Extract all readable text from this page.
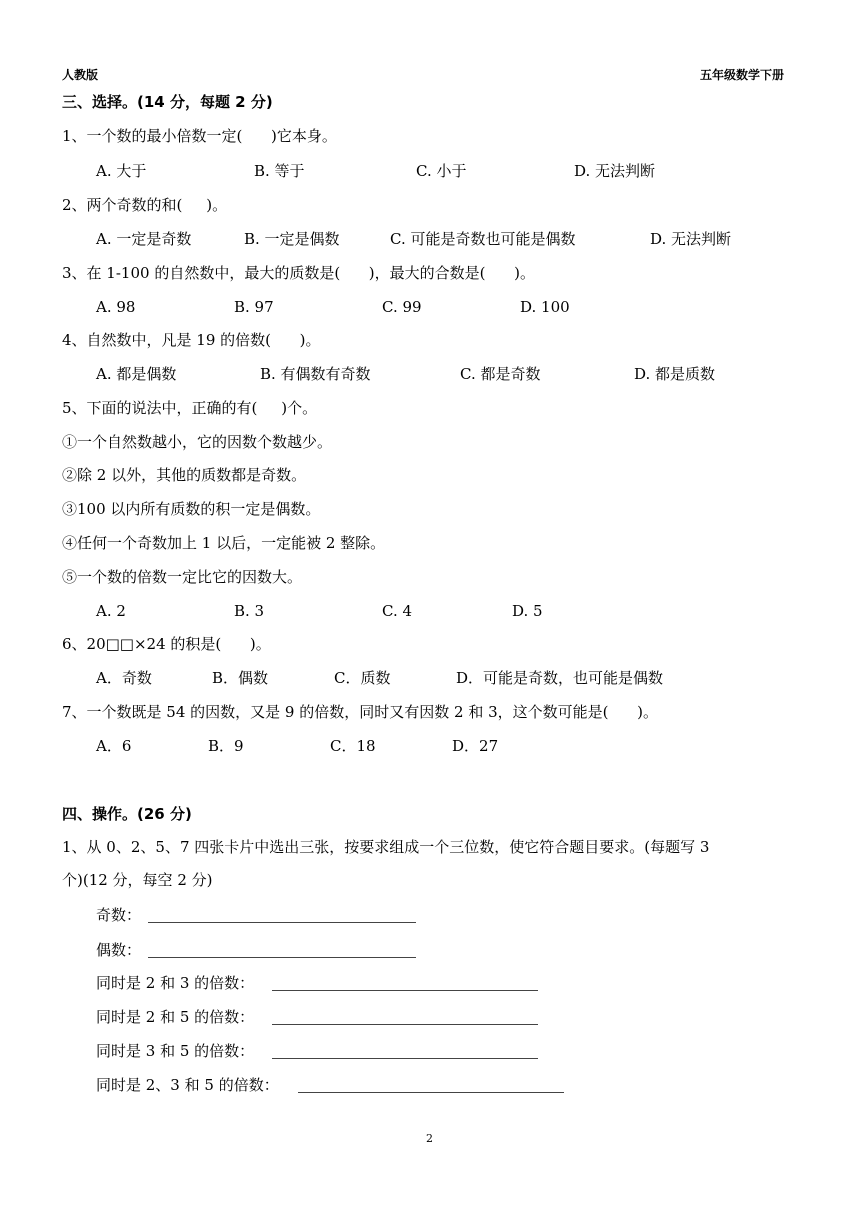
人教版	五年级数学下册
三、选择。(14 分，每题 2 分)
1、一个数的最小倍数一定(      )它本身。
A. 大于	B. 等于	C. 小于	D. 无法判断
2、两个奇数的和(     )。
A. 一定是奇数	B. 一定是偶数	C. 可能是奇数也可能是偶数	D. 无法判断
3、在 1-100 的自然数中，最大的质数是(      )，最大的合数是(      )。
A. 98	B. 97	C. 99	D. 100
4、自然数中，凡是 19 的倍数(      )。
A. 都是偶数	B. 有偶数有奇数	C. 都是奇数	D. 都是质数
5、下面的说法中，正确的有(     )个。
①一个自然数越小，它的因数个数越少。
②除 2 以外，其他的质数都是奇数。
③100 以内所有质数的积一定是偶数。
④任何一个奇数加上 1 以后，一定能被 2 整除。
⑤一个数的倍数一定比它的因数大。
A. 2	B. 3	C. 4	D. 5
6、20□□×24 的积是(      )。
A．奇数	B．偶数	C．质数	D．可能是奇数，也可能是偶数
7、一个数既是 54 的因数，又是 9 的倍数，同时又有因数 2 和 3，这个数可能是(      )。
A．6	B．9	C．18	D．27
四、操作。(26 分)
1、从 0、2、5、7 四张卡片中选出三张，按要求组成一个三位数，使它符合题目要求。(每题写 3
个)(12 分，每空 2 分)
奇数：
偶数：
同时是 2 和 3 的倍数：
同时是 2 和 5 的倍数：
同时是 3 和 5 的倍数：
同时是 2、3 和 5 的倍数：
2
